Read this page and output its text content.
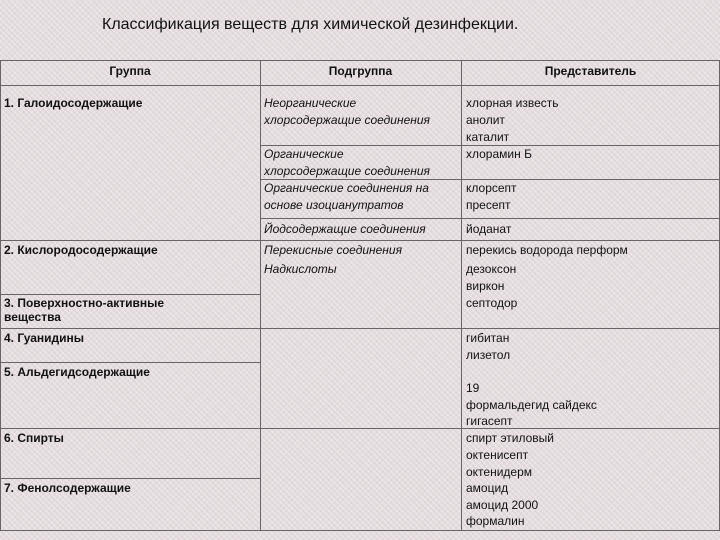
Классификация веществ для химической дезинфекции.
Группа	Подгруппа	Представитель
1. Галоидосодержащие
2. Кислородосодержащие
3. Поверхностно-активные
вещества
4. Гуанидины
5. Альдегидсодержащие
6. Спирты
7. Фенолсодержащие
Неорганические
хлорсодержащие соединения
Органические
хлорсодержащие соединения
Органические соединения на
основе изоцианутратов
Йодсодержащие соединения
Перекисные соединения
Надкислоты
хлорная известь
анолит
каталит
хлорамин Б
клорсепт
пресепт
йоданат
перекись водорода перформ
дезоксон
виркон
септодор
гибитан
лизетол
19
формальдегид сайдекс
гигасепт
спирт этиловый
октенисепт
октенидерм
амоцид
амоцид 2000
формалин
